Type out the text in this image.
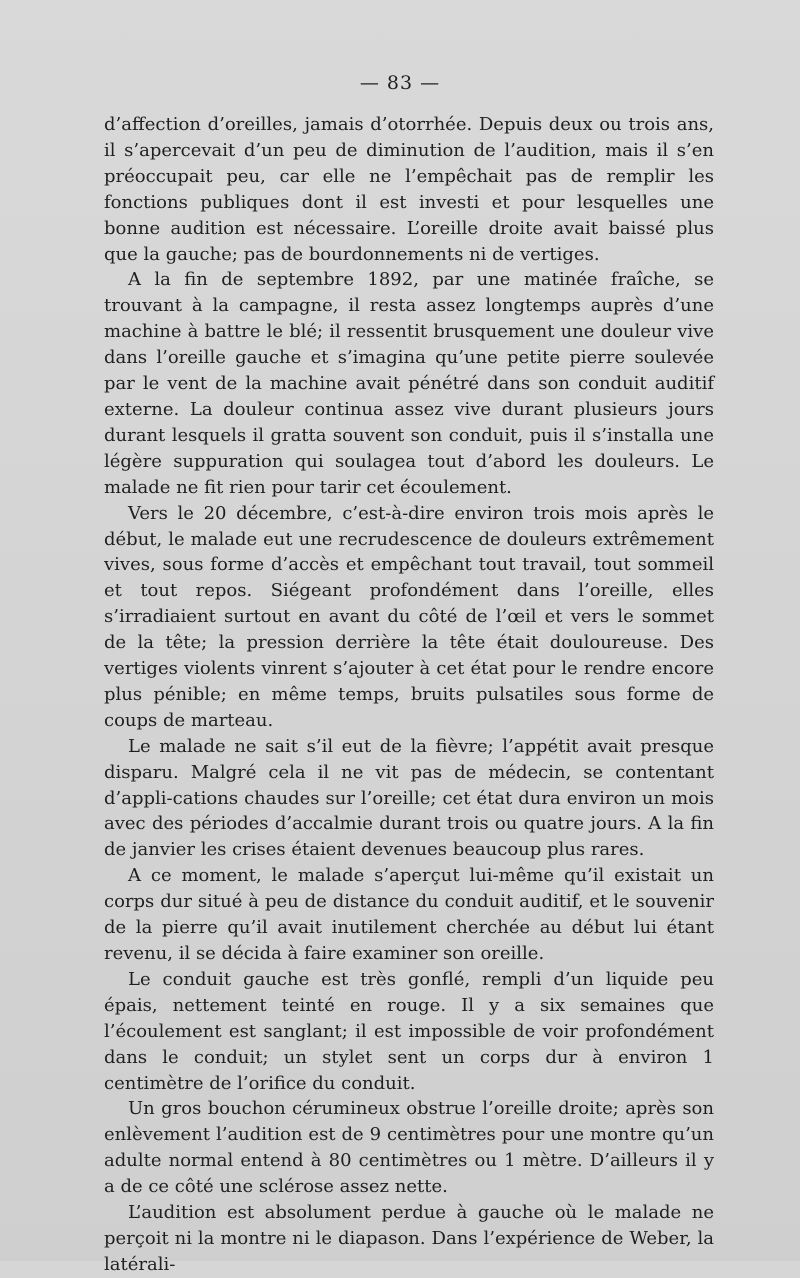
— 83 —

d’affection d’oreilles, jamais d’otorrhée. Depuis deux ou trois ans, il s’apercevait d’un peu de diminution de l’audition, mais il s’en préoccupait peu, car elle ne l’empêchait pas de remplir les fonctions publiques dont il est investi et pour lesquelles une bonne audition est nécessaire. L’oreille droite avait baissé plus que la gauche; pas de bourdonnements ni de vertiges.

A la fin de septembre 1892, par une matinée fraîche, se trouvant à la campagne, il resta assez longtemps auprès d’une machine à battre le blé; il ressentit brusquement une douleur vive dans l’oreille gauche et s’imagina qu’une petite pierre soulevée par le vent de la machine avait pénétré dans son conduit auditif externe. La douleur continua assez vive durant plusieurs jours durant lesquels il gratta souvent son conduit, puis il s’installa une légère suppuration qui soulagea tout d’abord les douleurs. Le malade ne fit rien pour tarir cet écoulement.

Vers le 20 décembre, c’est-à-dire environ trois mois après le début, le malade eut une recrudescence de douleurs extrêmement vives, sous forme d’accès et empêchant tout travail, tout sommeil et tout repos. Siégeant profondément dans l’oreille, elles s’irradiaient surtout en avant du côté de l’œil et vers le sommet de la tête; la pression derrière la tête était douloureuse. Des vertiges violents vinrent s’ajouter à cet état pour le rendre encore plus pénible; en même temps, bruits pulsatiles sous forme de coups de marteau.

Le malade ne sait s’il eut de la fièvre; l’appétit avait presque disparu. Malgré cela il ne vit pas de médecin, se contentant d’appli-cations chaudes sur l’oreille; cet état dura environ un mois avec des périodes d’accalmie durant trois ou quatre jours. A la fin de janvier les crises étaient devenues beaucoup plus rares.

A ce moment, le malade s’aperçut lui-même qu’il existait un corps dur situé à peu de distance du conduit auditif, et le souvenir de la pierre qu’il avait inutilement cherchée au début lui étant revenu, il se décida à faire examiner son oreille.

Le conduit gauche est très gonflé, rempli d’un liquide peu épais, nettement teinté en rouge. Il y a six semaines que l’écoulement est sanglant; il est impossible de voir profondément dans le conduit; un stylet sent un corps dur à environ 1 centimètre de l’orifice du conduit.

Un gros bouchon cérumineux obstrue l’oreille droite; après son enlèvement l’audition est de 9 centimètres pour une montre qu’un adulte normal entend à 80 centimètres ou 1 mètre. D’ailleurs il y a de ce côté une sclérose assez nette.

L’audition est absolument perdue à gauche où le malade ne perçoit ni la montre ni le diapason. Dans l’expérience de Weber, la latérali-
